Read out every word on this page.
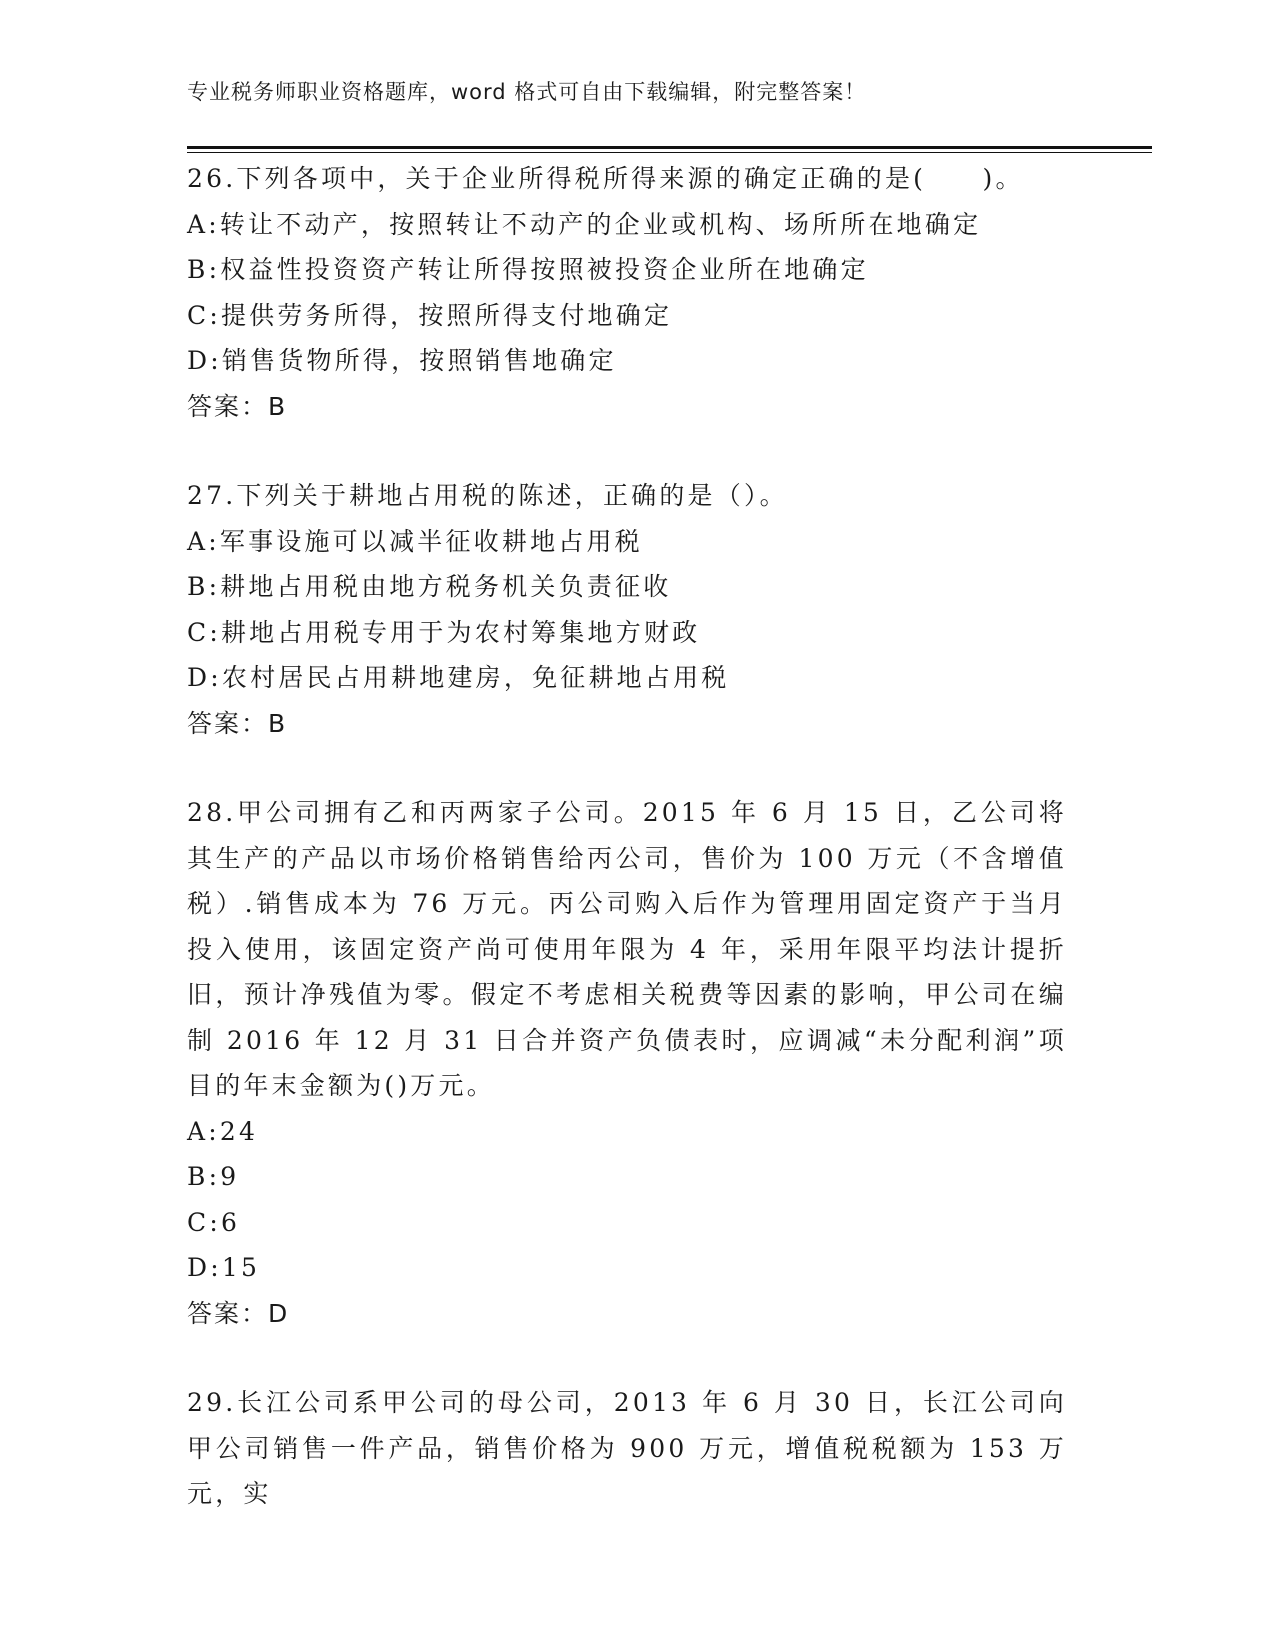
专业税务师职业资格题库，word 格式可自由下载编辑，附完整答案！
26.下列各项中，关于企业所得税所得来源的确定正确的是(　　)。
A:转让不动产，按照转让不动产的企业或机构、场所所在地确定
B:权益性投资资产转让所得按照被投资企业所在地确定
C:提供劳务所得，按照所得支付地确定
D:销售货物所得，按照销售地确定
答案：B
27.下列关于耕地占用税的陈述，正确的是（）。
A:军事设施可以减半征收耕地占用税
B:耕地占用税由地方税务机关负责征收
C:耕地占用税专用于为农村筹集地方财政
D:农村居民占用耕地建房，免征耕地占用税
答案：B
28.甲公司拥有乙和丙两家子公司。2015 年 6 月 15 日，乙公司将其生产的产品以市场价格销售给丙公司，售价为 100 万元（不含增值税）.销售成本为 76 万元。丙公司购入后作为管理用固定资产于当月投入使用，该固定资产尚可使用年限为 4 年，采用年限平均法计提折旧，预计净残值为零。假定不考虑相关税费等因素的影响，甲公司在编制 2016 年 12 月 31 日合并资产负债表时，应调减“未分配利润”项目的年末金额为()万元。
A:24
B:9
C:6
D:15
答案：D
29.长江公司系甲公司的母公司，2013 年 6 月 30 日，长江公司向甲公司销售一件产品，销售价格为 900 万元，增值税税额为 153 万元，实
